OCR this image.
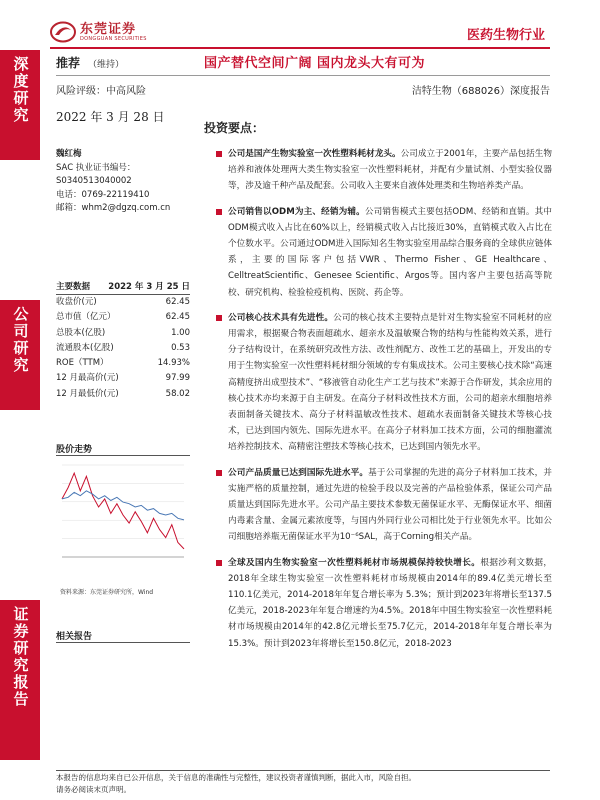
东莞证券
DONGGUAN SECURITIES	医药生物行业
深度研究
公司研究
证券研究报告
推荐 （维持）
风险评级：中高风险
2022 年 3 月 28 日
魏红梅
SAC 执业证书编号：
S0340513040002
电话：0769-22119410
邮箱：whm2@dgzq.com.cn
主要数据 2022 年 3 月 25 日
收盘价(元)	62.45
总市值（亿元）	62.45
总股本(亿股)	1.00
流通股本(亿股)	0.53
ROE（TTM）	14.93%
12 月最高价(元)	97.99
12 月最低价(元)	58.02
股价走势
资料来源：东莞证券研究所，Wind
相关报告
国产替代空间广阔 国内龙头大有可为
洁特生物（688026）深度报告
投资要点：

公司是国产生物实验室一次性塑料耗材龙头。公司成立于2001年，主要产品包括生物培养和液体处理两大类生物实验室一次性塑料耗材，并配有少量试剂、小型实验仪器等，涉及逾千种产品及配套。公司收入主要来自液体处理类和生物培养类产品。

公司销售以ODM为主、经销为辅。公司销售模式主要包括ODM、经销和直销。其中ODM模式收入占比在60%以上，经销模式收入占比接近30%，直销模式收入占比在个位数水平。公司通过ODM进入国际知名生物实验室用品综合服务商的全球供应链体系，主要的国际客户包括VWR、Thermo Fisher、GE Healthcare、CelltreatScientific、Genesee Scientific、Argos等。国内客户主要包括高等院校、研究机构、检验检疫机构、医院、药企等。

公司核心技术具有先进性。公司的核心技术主要特点是针对生物实验室不同耗材的应用需求，根据聚合物表面超疏水、超亲水及温敏聚合物的结构与性能构效关系，进行分子结构设计，在系统研究改性方法、改性剂配方、改性工艺的基础上，开发出的专用于生物实验室一次性塑料耗材细分领域的专有集成技术。公司主要核心技术除“高速高精度挤出成型技术”、“移液管自动化生产工艺与技术”来源于合作研发，其余应用的核心技术亦均来源于自主研发。在高分子材料改性技术方面，公司的超亲水细胞培养表面制备关键技术、高分子材料温敏改性技术、超疏水表面制备关键技术等核心技术，已达到国内领先、国际先进水平。在高分子材料加工技术方面，公司的细胞灌流培养控制技术、高精密注塑技术等核心技术，已达到国内领先水平。

公司产品质量已达到国际先进水平。基于公司掌握的先进的高分子材料加工技术，并实施严格的质量控制，通过先进的检验手段以及完善的产品检验体系，保证公司产品质量达到国际先进水平。公司产品主要技术参数无菌保证水平、无酶保证水平、细菌内毒素含量、金属元素浓度等，与国内外同行业公司相比处于行业领先水平。比如公司细胞培养瓶无菌保证水平为10⁻⁶SAL，高于Corning相关产品。

全球及国内生物实验室一次性塑料耗材市场规模保持较快增长。根据沙利文数据，2018年全球生物实验室一次性塑料耗材市场规模由2014年的89.4亿美元增长至110.1亿美元，2014-2018年年复合增长率为 5.3%；预计到2023年将增长至137.5亿美元，2018-2023年年复合增速约为4.5%。2018年中国生物实验室一次性塑料耗材市场规模由2014年的42.8亿元增长至75.7亿元，2014-2018年年复合增长率为 15.3%。预计到2023年将增长至150.8亿元，2018-2023

本报告的信息均来自已公开信息，关于信息的准确性与完整性，建议投资者谨慎判断，据此入市，风险自担。
请务必阅读末页声明。
